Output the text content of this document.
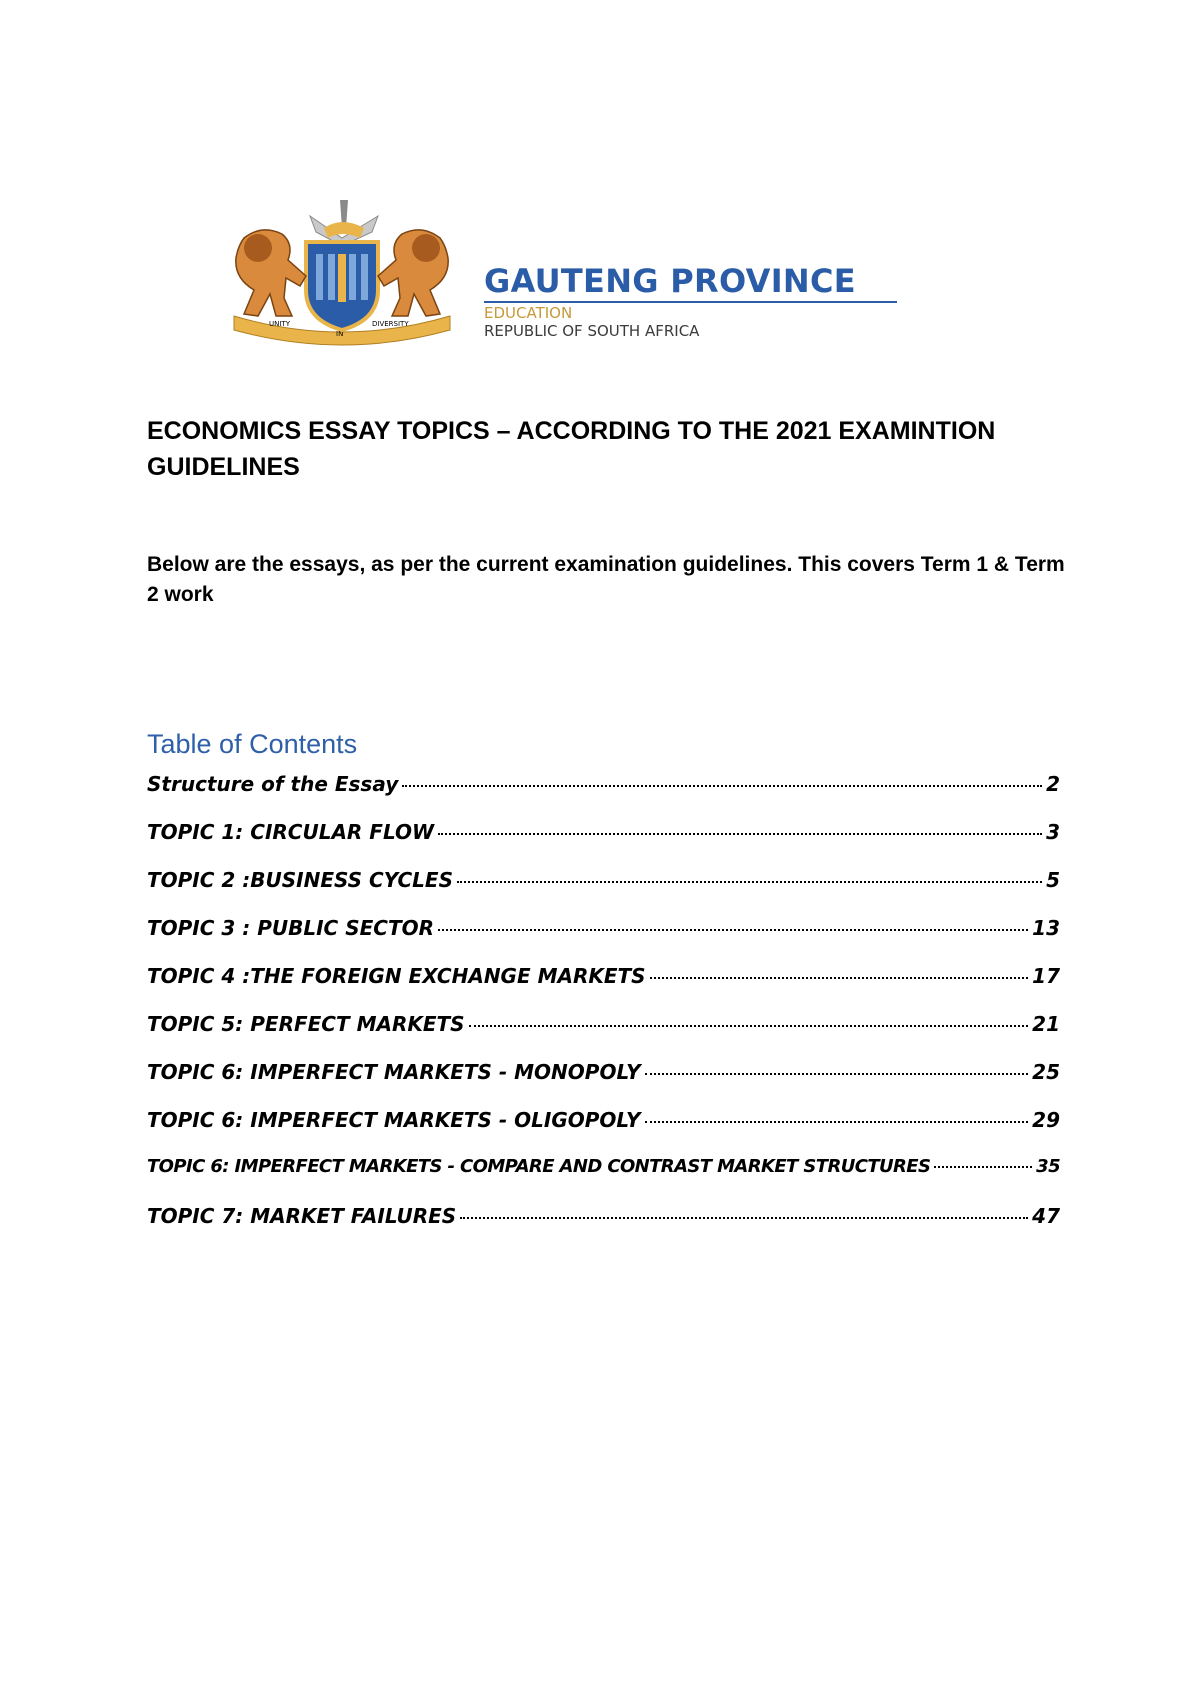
UNITY
IN
DIVERSITY
GAUTENG PROVINCE
EDUCATION
REPUBLIC OF SOUTH AFRICA
ECONOMICS ESSAY TOPICS – ACCORDING TO THE 2021 EXAMINTION GUIDELINES

Below are the essays, as per the current examination guidelines. This covers Term 1 & Term 2 work

Table of Contents
Structure of the Essay	2
TOPIC 1: CIRCULAR FLOW	3
TOPIC 2 :BUSINESS CYCLES	5
TOPIC 3 : PUBLIC SECTOR	13
TOPIC 4 :THE FOREIGN EXCHANGE MARKETS	17
TOPIC 5: PERFECT MARKETS	21
TOPIC 6: IMPERFECT MARKETS - MONOPOLY	25
TOPIC 6: IMPERFECT MARKETS - OLIGOPOLY	29
TOPIC 6: IMPERFECT MARKETS - COMPARE AND CONTRAST MARKET STRUCTURES	35
TOPIC 7: MARKET FAILURES	47
